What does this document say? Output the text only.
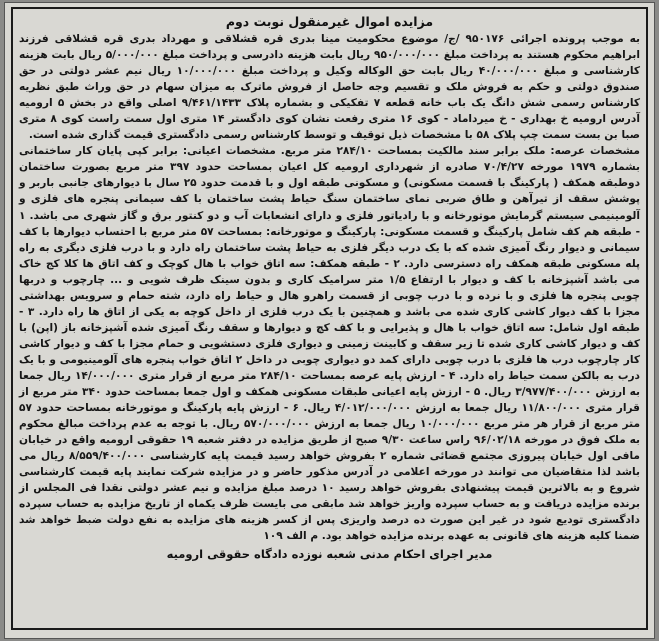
مزایده اموال غیرمنقول نوبت دوم

به موجب پرونده اجرائی ۹۵۰۱۷۶ /ج/ موضوع محکومیت مینا بدری قره قشلاقی و مهرداد بدری قره قشلاقی فرزند ابراهیم محکوم هستند به پرداخت مبلغ ۹۵۰/۰۰۰/۰۰۰ ریال بابت هزینه دادرسی و پرداخت مبلغ ۵/۰۰۰/۰۰۰ ریال بابت هزینه کارشناسی و مبلغ ۴۰/۰۰۰/۰۰۰ ریال بابت حق الوکاله وکیل و پرداخت مبلغ ۱۰/۰۰۰/۰۰۰ ریال نیم عشر دولتی در حق صندوق دولتی و حکم به فروش ملک و تقسیم وجه حاصل از فروش ماترک به میزان سهام در حق وراث طبق نظریه کارشناس رسمی شش دانگ یک باب خانه قطعه ۷ تفکیکی و بشماره پلاک ۹/۴۶۱/۱۴۳۳ اصلی واقع در بخش ۵ ارومیه آدرس ارومیه خ بهداری - خ میرداماد - کوی ۱۶ متری رفعت نشان کوی دادگستر ۱۴ متری اول سمت راست کوی ۸ متری صبا بن بست سمت چپ پلاک ۵۸ با مشخصات ذیل توقیف و توسط کارشناس رسمی دادگستری قیمت گذاری شده است.

مشخصات عرصه: ملک برابر سند مالکیت بمساحت ۲۸۴/۱۰ متر مربع. مشخصات اعیانی: برابر کپی پایان کار ساختمانی بشماره ۱۹۷۹ مورخه ۷۰/۴/۲۷ صادره از شهرداری ارومیه کل اعیان بمساحت حدود ۳۹۷ متر مربع بصورت ساختمان دوطبقه همکف ( پارکینگ با قسمت مسکونی) و مسکونی طبقه اول و با قدمت حدود ۲۵ سال با دیوارهای جانبی باربر و پوشش سقف از تیرآهن و طاق ضربی نمای ساختمان سنگ حیاط پشت ساختمان با کف سیمانی پنجره های فلزی و آلومینیمی سیستم گرمایش موتورخانه و با رادیاتور فلزی و دارای انشعابات آب و دو کنتور برق و گاز شهری می باشد. ۱ - طبقه هم کف شامل پارکینگ و قسمت مسکونی: پارکینگ و موتورخانه: بمساحت ۵۷ متر مربع با احتساب دیوارها با کف سیمانی و دیوار رنگ آمیزی شده که با یک درب دیگر فلزی به حیاط پشت ساختمان راه دارد و با درب فلزی دیگری به راه پله مسکونی طبقه همکف راه دسترسی دارد. ۲ - طبقه همکف: سه اتاق خواب با هال کوچک و کف اتاق ها کلا کج خاک می باشد آشپزخانه با کف و دیوار با ارتفاع ۱/۵ متر سرامیک کاری و بدون سینک ظرف شویی و ... چارچوب و دربها چوبی پنجره ها فلزی و با نرده و با درب چوبی از قسمت راهرو هال و حیاط راه دارد، شته حمام و سرویس بهداشتی مجزا با کف دیوار کاشی کاری شده می باشد و همچنین با یک درب فلزی از داخل کوچه به یکی از اتاق ها راه دارد. ۳ - طبقه اول شامل: سه اتاق خواب با هال و پذیرایی و با کف کچ و دیوارها و سقف رنگ آمیزی شده آشپزخانه باز (اپن) با کف و دیوار کاشی کاری شده تا زیر سقف و کابینت زمینی و دیواری فلزی دستشویی و حمام مجزا با کف و دیوار کاشی کار چارچوب درب ها فلزی با درب چوبی دارای کمد دو دیواری چوبی در داخل ۲ اتاق خواب پنجره های آلومینیومی و با یک درب به بالکن سمت حیاط راه دارد. ۴ - ارزش پایه عرصه بمساحت ۲۸۴/۱۰ متر مربع از قرار متری ۱۴/۰۰۰/۰۰۰ ریال جمعا به ارزش ۳/۹۷۷/۴۰۰/۰۰۰ ریال. ۵ - ارزش پایه اعیانی طبقات مسکونی همکف و اول جمعا بمساحت حدود ۳۴۰ متر مربع از قرار متری ۱۱/۸۰۰/۰۰۰ ریال جمعا به ارزش ۴/۰۱۲/۰۰۰/۰۰۰ ریال. ۶ - ارزش پایه پارکینگ و موتورخانه بمساحت حدود ۵۷ متر مربع از قرار هر متر مربع ۱۰/۰۰۰/۰۰۰ ریال جمعا به ارزش ۵۷۰/۰۰۰/۰۰۰ ریال. با توجه به عدم پرداخت مبالغ محکوم به ملک فوق در مورخه ۹۶/۰۲/۱۸ راس ساعت ۹/۳۰ صبح از طریق مزایده در دفتر شعبه ۱۹ حقوقی ارومیه واقع در خیابان مافی اول خیابان پیروزی مجتمع قضائی شماره ۲ بفروش خواهد رسید قیمت پایه کارشناسی ۸/۵۵۹/۴۰۰/۰۰۰ ریال می باشد لذا متقاضیان می توانند در مورخه اعلامی در آدرس مذکور حاضر و در مزایده شرکت نمایند پایه قیمت کارشناسی شروع و به بالاترین قیمت پیشنهادی بفروش خواهد رسید ۱۰ درصد مبلغ مزایده و نیم عشر دولتی نقدا فی المجلس از برنده مزایده دریافت و به حساب سپرده واریز خواهد شد مابقی می بایست ظرف یکماه از تاریخ مزایده به حساب سپرده دادگستری تودیع شود در غیر این صورت ده درصد واریزی پس از کسر هزینه های مزایده به نفع دولت ضبط خواهد شد ضمنا کلیه هزینه های قانونی به عهده برنده مزایده خواهد بود. م الف ۱۰۹

مدیر اجرای احکام مدنی شعبه نوزده دادگاه حقوقی ارومیه
